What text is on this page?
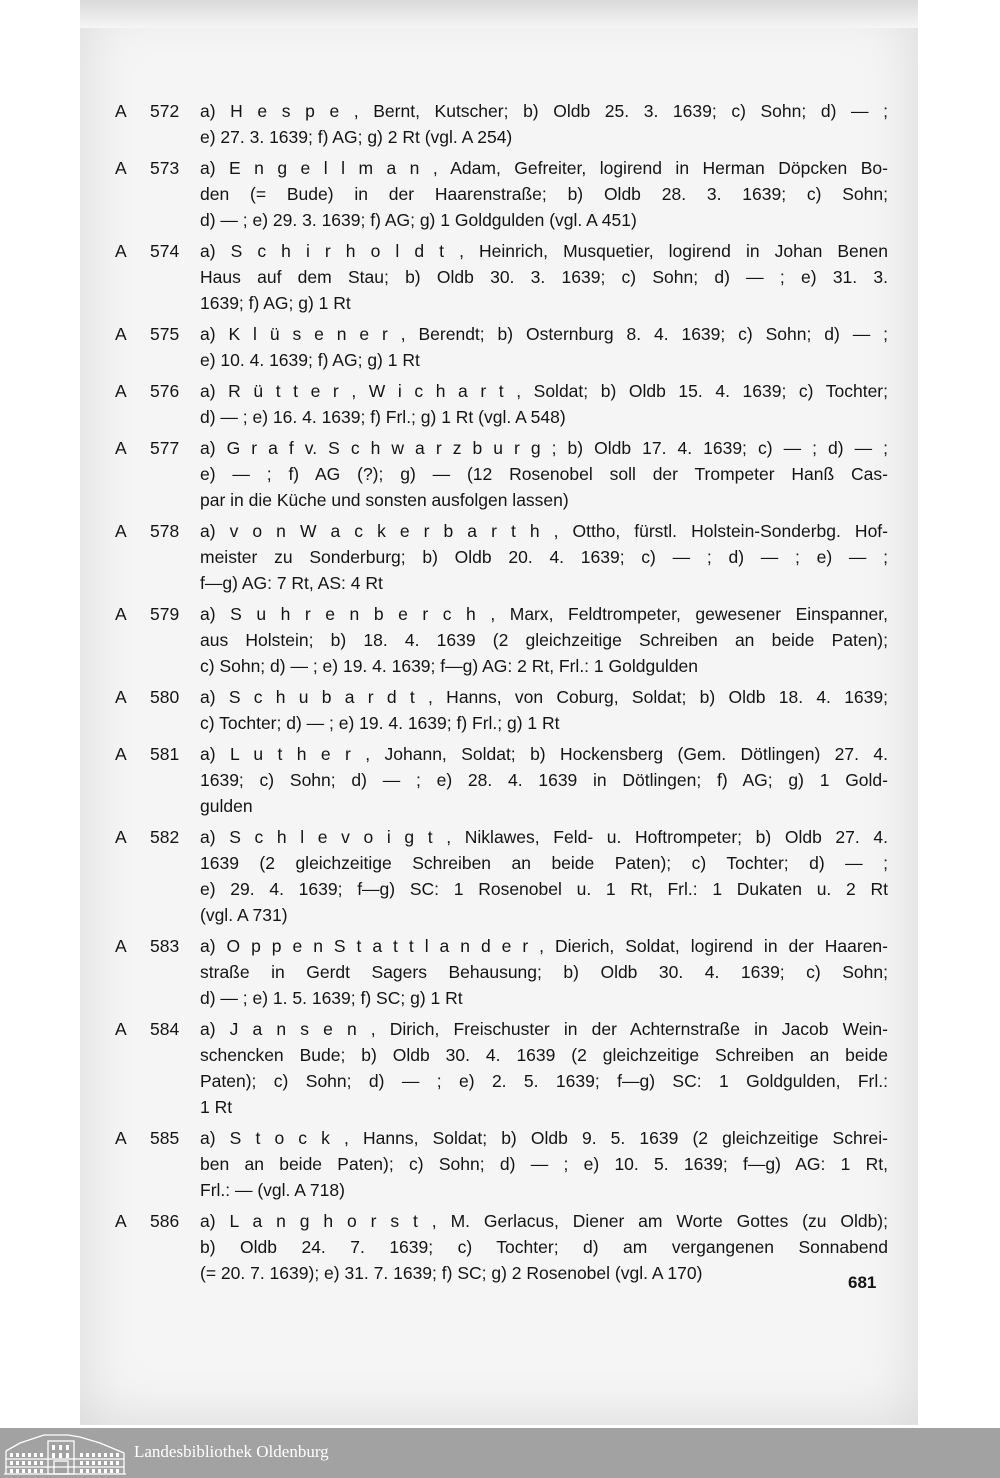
A 572 a) H e s p e , Bernt, Kutscher; b) Oldb 25. 3. 1639; c) Sohn; d) — ;
e) 27. 3. 1639; f) AG; g) 2 Rt (vgl. A 254)
A 573 a) E n g e l l m a n , Adam, Gefreiter, logirend in Herman Döpcken Bo-
den (= Bude) in der Haarenstraße; b) Oldb 28. 3. 1639; c) Sohn;
d) — ; e) 29. 3. 1639; f) AG; g) 1 Goldgulden (vgl. A 451)
A 574 a) S c h i r h o l d t , Heinrich, Musquetier, logirend in Johan Benen
Haus auf dem Stau; b) Oldb 30. 3. 1639; c) Sohn; d) — ; e) 31. 3.
1639; f) AG; g) 1 Rt
A 575 a) K l ü s e n e r , Berendt; b) Osternburg 8. 4. 1639; c) Sohn; d) — ;
e) 10. 4. 1639; f) AG; g) 1 Rt
A 576 a) R ü t t e r , W i c h a r t , Soldat; b) Oldb 15. 4. 1639; c) Tochter;
d) — ; e) 16. 4. 1639; f) Frl.; g) 1 Rt (vgl. A 548)
A 577 a) G r a f v. S c h w a r z b u r g ; b) Oldb 17. 4. 1639; c) — ; d) — ;
e) — ; f) AG (?); g) — (12 Rosenobel soll der Trompeter Hanß Cas-
par in die Küche und sonsten ausfolgen lassen)
A 578 a) v o n W a c k e r b a r t h , Ottho, fürstl. Holstein-Sonderbg. Hof-
meister zu Sonderburg; b) Oldb 20. 4. 1639; c) — ; d) — ; e) — ;
f—g) AG: 7 Rt, AS: 4 Rt
A 579 a) S u h r e n b e r c h , Marx, Feldtrompeter, gewesener Einspanner,
aus Holstein; b) 18. 4. 1639 (2 gleichzeitige Schreiben an beide Paten);
c) Sohn; d) — ; e) 19. 4. 1639; f—g) AG: 2 Rt, Frl.: 1 Goldgulden
A 580 a) S c h u b a r d t , Hanns, von Coburg, Soldat; b) Oldb 18. 4. 1639;
c) Tochter; d) — ; e) 19. 4. 1639; f) Frl.; g) 1 Rt
A 581 a) L u t h e r , Johann, Soldat; b) Hockensberg (Gem. Dötlingen) 27. 4.
1639; c) Sohn; d) — ; e) 28. 4. 1639 in Dötlingen; f) AG; g) 1 Gold-
gulden
A 582 a) S c h l e v o i g t , Niklawes, Feld- u. Hoftrompeter; b) Oldb 27. 4.
1639 (2 gleichzeitige Schreiben an beide Paten); c) Tochter; d) — ;
e) 29. 4. 1639; f—g) SC: 1 Rosenobel u. 1 Rt, Frl.: 1 Dukaten u. 2 Rt
(vgl. A 731)
A 583 a) O p p e n S t a t t l a n d e r , Dierich, Soldat, logirend in der Haaren-
straße in Gerdt Sagers Behausung; b) Oldb 30. 4. 1639; c) Sohn;
d) — ; e) 1. 5. 1639; f) SC; g) 1 Rt
A 584 a) J a n s e n , Dirich, Freischuster in der Achternstraße in Jacob Wein-
schencken Bude; b) Oldb 30. 4. 1639 (2 gleichzeitige Schreiben an beide
Paten); c) Sohn; d) — ; e) 2. 5. 1639; f—g) SC: 1 Goldgulden, Frl.:
1 Rt
A 585 a) S t o c k , Hanns, Soldat; b) Oldb 9. 5. 1639 (2 gleichzeitige Schrei-
ben an beide Paten); c) Sohn; d) — ; e) 10. 5. 1639; f—g) AG: 1 Rt,
Frl.: — (vgl. A 718)
A 586 a) L a n g h o r s t , M. Gerlacus, Diener am Worte Gottes (zu Oldb);
b) Oldb 24. 7. 1639; c) Tochter; d) am vergangenen Sonnabend
(= 20. 7. 1639); e) 31. 7. 1639; f) SC; g) 2 Rosenobel (vgl. A 170)	681
Landesbibliothek Oldenburg
